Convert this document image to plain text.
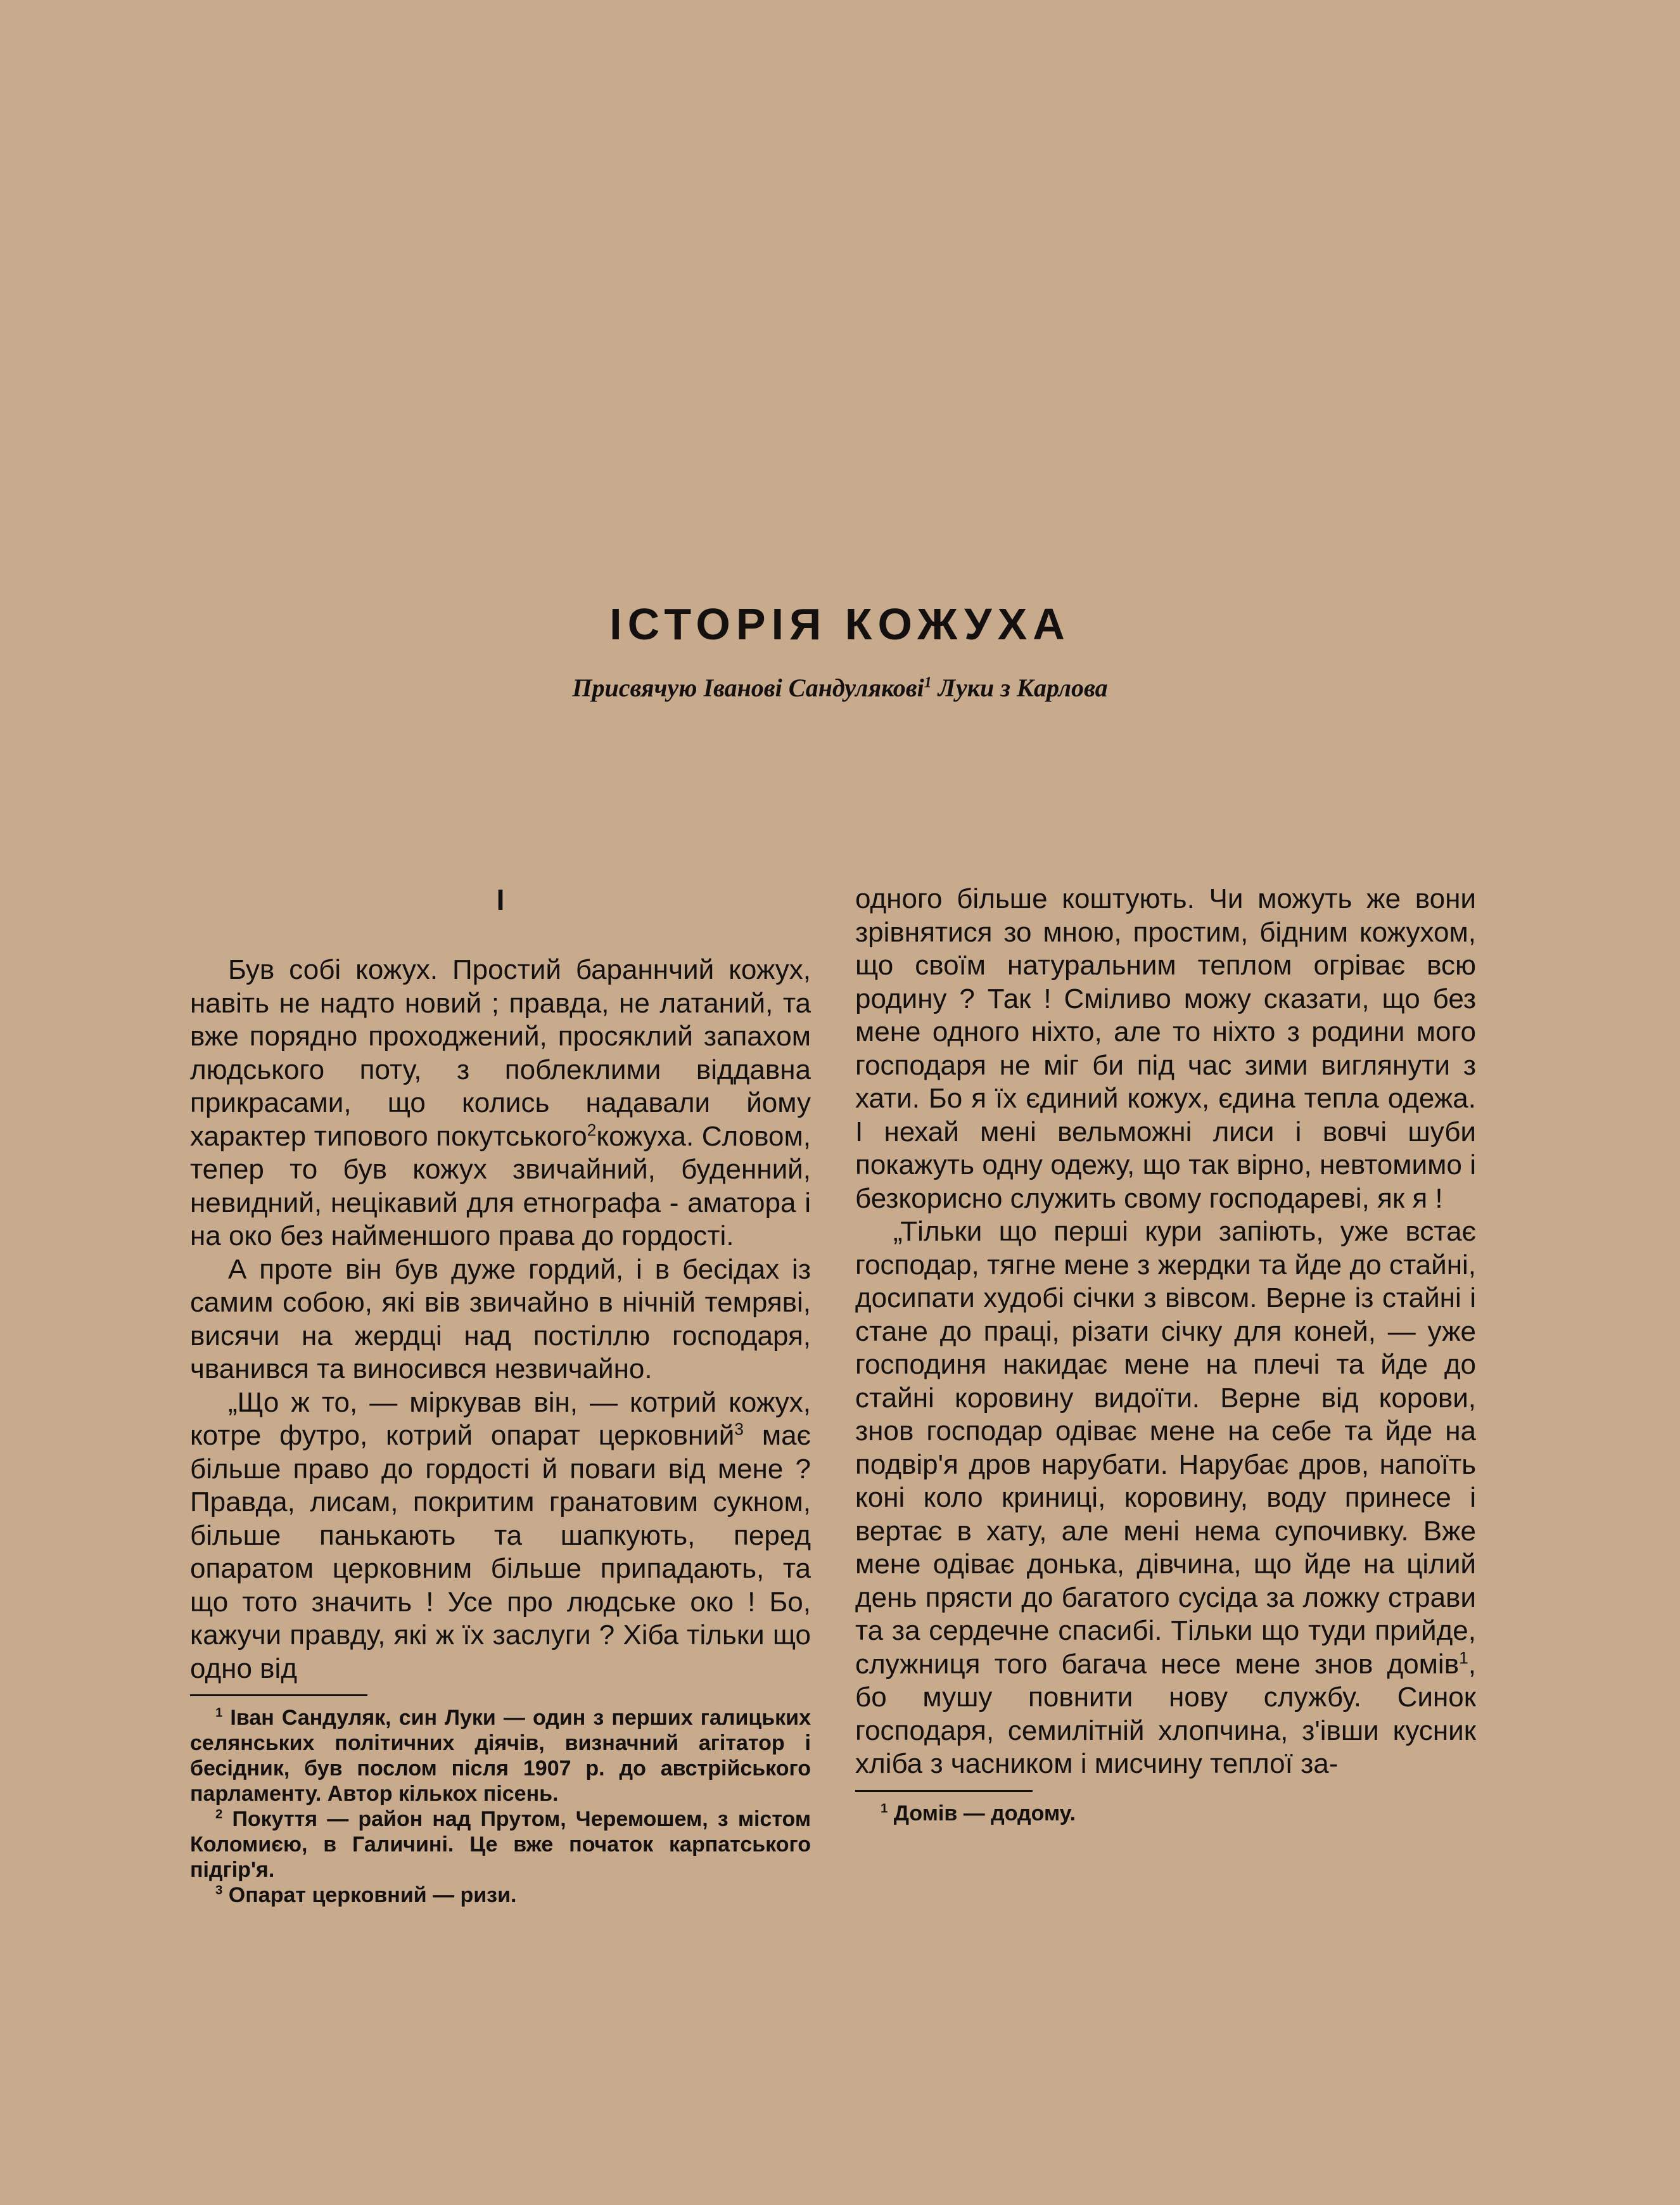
ІСТОРІЯ КОЖУХА

Присвячую Іванові Сандулякові$^1$ Луки з Карлова

I

Був собі кожух. Простий бараннчий кожух, навіть не надто новий ; правда, не латаний, та вже порядно проходжений, просяклий запахом людського поту, з поблеклими віддавна прикрасами, що колись надавали йому характер типового покутського$^2$кожуха. Словом, тепер то був кожух звичайний, буденний, невидний, нецікавий для етнографа - аматора і на око без найменшого права до гордості.

А проте він був дуже гордий, і в бесідах із самим собою, які вів звичайно в нічній темряві, висячи на жердці над постіллю господаря, чванився та виносився незвичайно.

„Що ж то, — міркував він, — котрий кожух, котре футро, котрий опарат церковний$^3$ має більше право до гордості й поваги від мене ? Правда, лисам, покритим гранатовим сукном, більше панькають та шапкують, перед опаратом церковним більше припадають, та що тото значить ! Усе про людське око ! Бо, кажучи правду, які ж їх заслуги ? Хіба тільки що одно від

$^1$ Іван Сандуляк, син Луки — один з перших галицьких селянських політичних діячів, визначний агітатор і бесідник, був послом після 1907 р. до австрійського парламенту. Автор кількох пісень.

$^2$ Покуття — район над Прутом, Черемошем, з містом Коломиєю, в Галичині. Це вже початок карпатського підгір'я.

$^3$ Опарат церковний — ризи.

одного більше коштують. Чи можуть же вони зрівнятися зо мною, простим, бідним кожухом, що своїм натуральним теплом огріває всю родину ? Так ! Сміливо можу сказати, що без мене одного ніхто, але то ніхто з родини мого господаря не міг би під час зими виглянути з хати. Бо я їх єдиний кожух, єдина тепла одежа. І нехай мені вельможні лиси і вовчі шуби покажуть одну одежу, що так вірно, невтомимо і безкорисно служить свому господареві, як я !

„Тільки що перші кури запіють, уже встає господар, тягне мене з жердки та йде до стайні, досипати худобі січки з вівсом. Верне із стайні і стане до праці, різати січку для коней, — уже господиня накидає мене на плечі та йде до стайні коровину видоїти. Верне від корови, знов господар одіває мене на себе та йде на подвір'я дров нарубати. Нарубає дров, напоїть коні коло криниці, коровину, воду принесе і вертає в хату, але мені нема супочивку. Вже мене одіває донька, дівчина, що йде на цілий день прясти до багатого сусіда за ложку страви та за сердечне спасибі. Тільки що туди прийде, служниця того багача несе мене знов домів$^1$, бо мушу повнити нову службу. Синок господаря, семилітній хлопчина, з'івши кусник хліба з часником і мисчину теплої за-

$^1$ Домів — додому.
